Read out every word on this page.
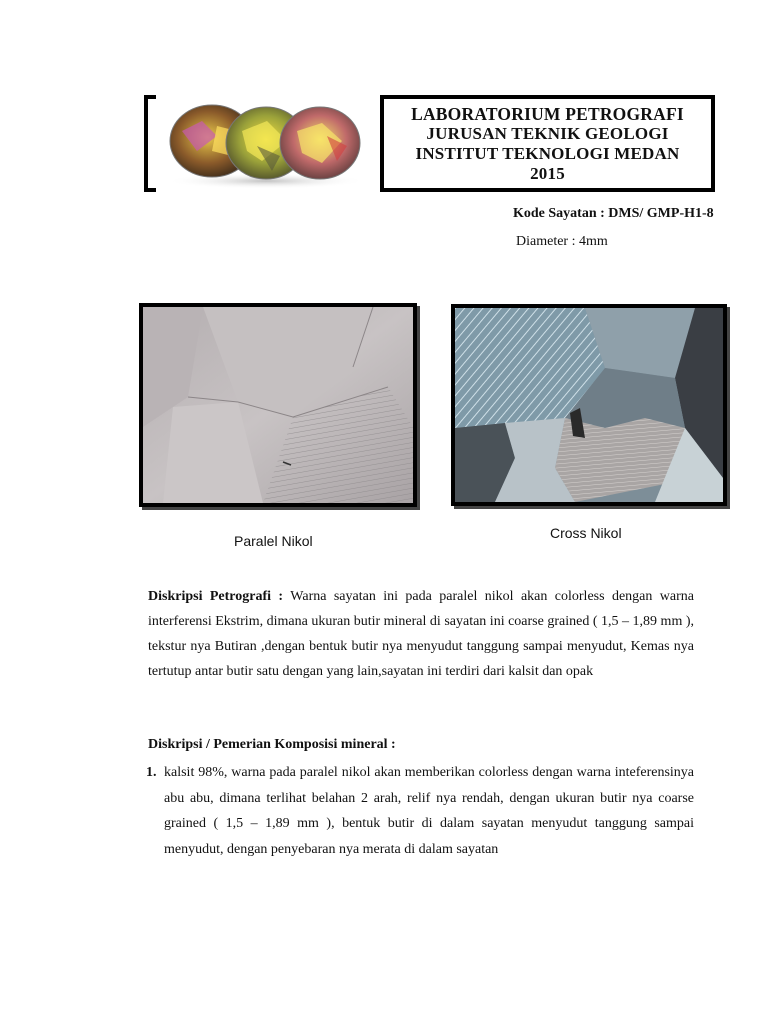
LABORATORIUM PETROGRAFI
JURUSAN TEKNIK GEOLOGI
INSTITUT TEKNOLOGI MEDAN
2015
Kode Sayatan : DMS/ GMP-H1-8
Diameter : 4mm
Paralel Nikol	Cross Nikol
Diskripsi Petrografi : Warna sayatan ini pada paralel nikol akan colorless dengan warna interferensi Ekstrim, dimana ukuran butir mineral di sayatan ini coarse grained ( 1,5 – 1,89 mm ), tekstur nya Butiran ,dengan bentuk butir nya menyudut tanggung sampai menyudut, Kemas nya tertutup antar butir satu dengan yang lain,sayatan ini terdiri dari kalsit dan opak
Diskripsi / Pemerian Komposisi mineral :
1. kalsit 98%, warna pada paralel nikol akan memberikan colorless dengan warna inteferensinya abu abu, dimana terlihat belahan 2 arah, relif nya rendah, dengan ukuran butir nya coarse grained ( 1,5 – 1,89 mm ), bentuk butir di dalam sayatan menyudut tanggung sampai menyudut, dengan penyebaran nya merata di dalam sayatan
